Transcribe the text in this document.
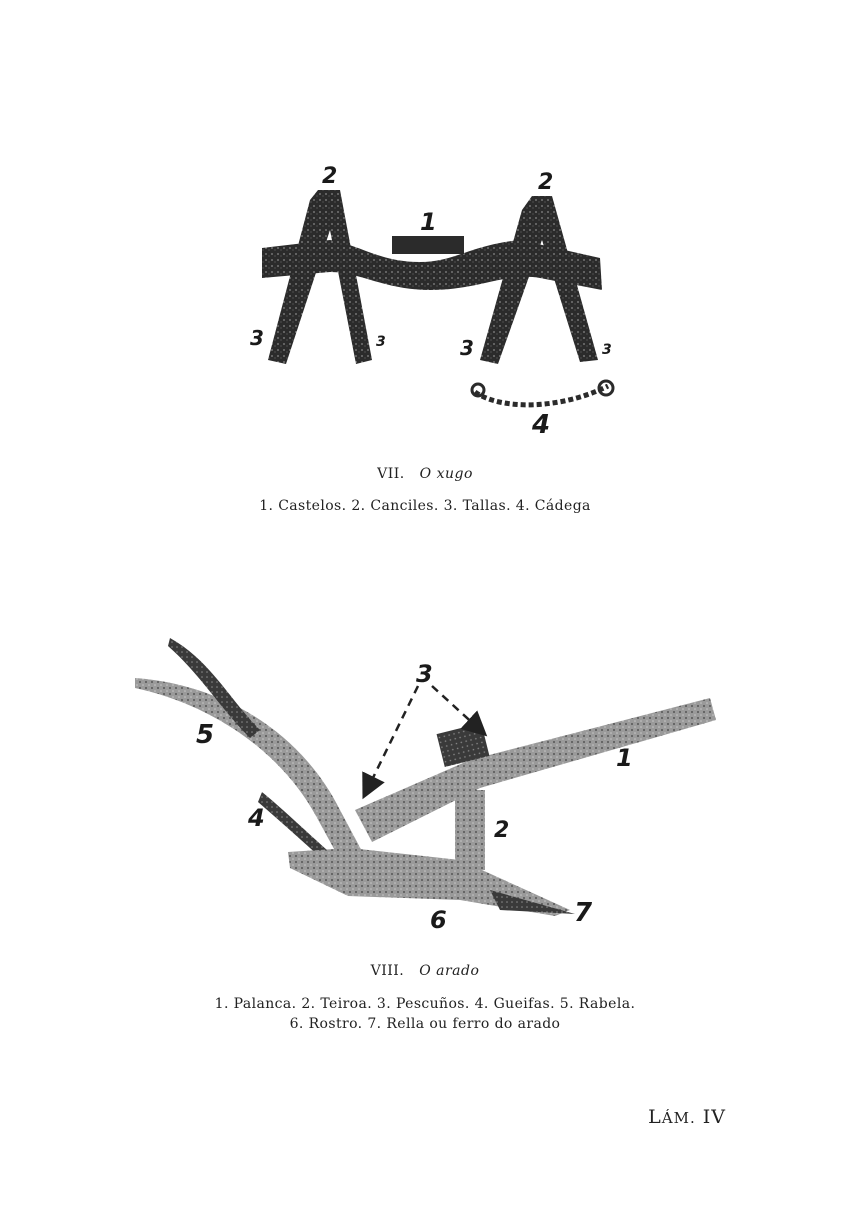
1
2	2
3	3	3	3
4
VII. O xugo
1. Castelos. 2. Canciles. 3. Tallas. 4. Cádega
1
2
3
4
5
6	7
VIII. O arado
1. Palanca. 2. Teiroa. 3. Pescuños. 4. Gueifas. 5. Rabela.
6. Rostro. 7. Rella ou ferro do arado
LÁM. IV
